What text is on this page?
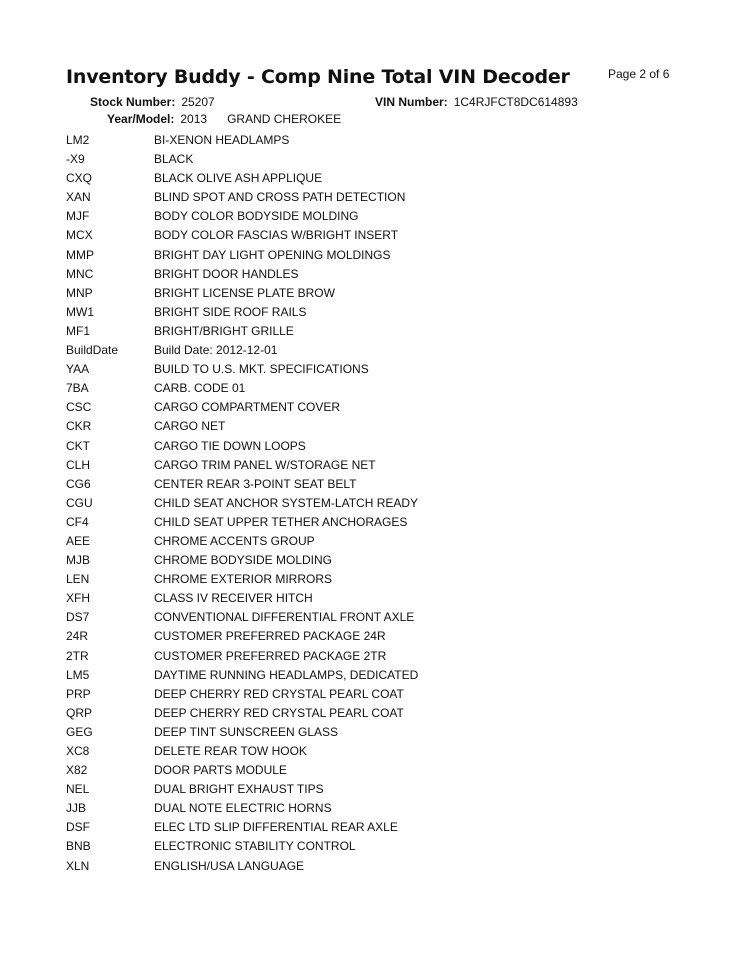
Inventory Buddy - Comp Nine Total VIN Decoder	Page 2 of 6
Stock Number: 25207	VIN Number: 1C4RJFCT8DC614893
Year/Model: 2013 GRAND CHEROKEE
LM2	BI-XENON HEADLAMPS
-X9	BLACK
CXQ	BLACK OLIVE ASH APPLIQUE
XAN	BLIND SPOT AND CROSS PATH DETECTION
MJF	BODY COLOR BODYSIDE MOLDING
MCX	BODY COLOR FASCIAS W/BRIGHT INSERT
MMP	BRIGHT DAY LIGHT OPENING MOLDINGS
MNC	BRIGHT DOOR HANDLES
MNP	BRIGHT LICENSE PLATE BROW
MW1	BRIGHT SIDE ROOF RAILS
MF1	BRIGHT/BRIGHT GRILLE
BuildDate	Build Date: 2012-12-01
YAA	BUILD TO U.S. MKT. SPECIFICATIONS
7BA	CARB. CODE 01
CSC	CARGO COMPARTMENT COVER
CKR	CARGO NET
CKT	CARGO TIE DOWN LOOPS
CLH	CARGO TRIM PANEL W/STORAGE NET
CG6	CENTER REAR 3-POINT SEAT BELT
CGU	CHILD SEAT ANCHOR SYSTEM-LATCH READY
CF4	CHILD SEAT UPPER TETHER ANCHORAGES
AEE	CHROME ACCENTS GROUP
MJB	CHROME BODYSIDE MOLDING
LEN	CHROME EXTERIOR MIRRORS
XFH	CLASS IV RECEIVER HITCH
DS7	CONVENTIONAL DIFFERENTIAL FRONT AXLE
24R	CUSTOMER PREFERRED PACKAGE 24R
2TR	CUSTOMER PREFERRED PACKAGE 2TR
LM5	DAYTIME RUNNING HEADLAMPS, DEDICATED
PRP	DEEP CHERRY RED CRYSTAL PEARL COAT
QRP	DEEP CHERRY RED CRYSTAL PEARL COAT
GEG	DEEP TINT SUNSCREEN GLASS
XC8	DELETE REAR TOW HOOK
X82	DOOR PARTS MODULE
NEL	DUAL BRIGHT EXHAUST TIPS
JJB	DUAL NOTE ELECTRIC HORNS
DSF	ELEC LTD SLIP DIFFERENTIAL REAR AXLE
BNB	ELECTRONIC STABILITY CONTROL
XLN	ENGLISH/USA LANGUAGE
